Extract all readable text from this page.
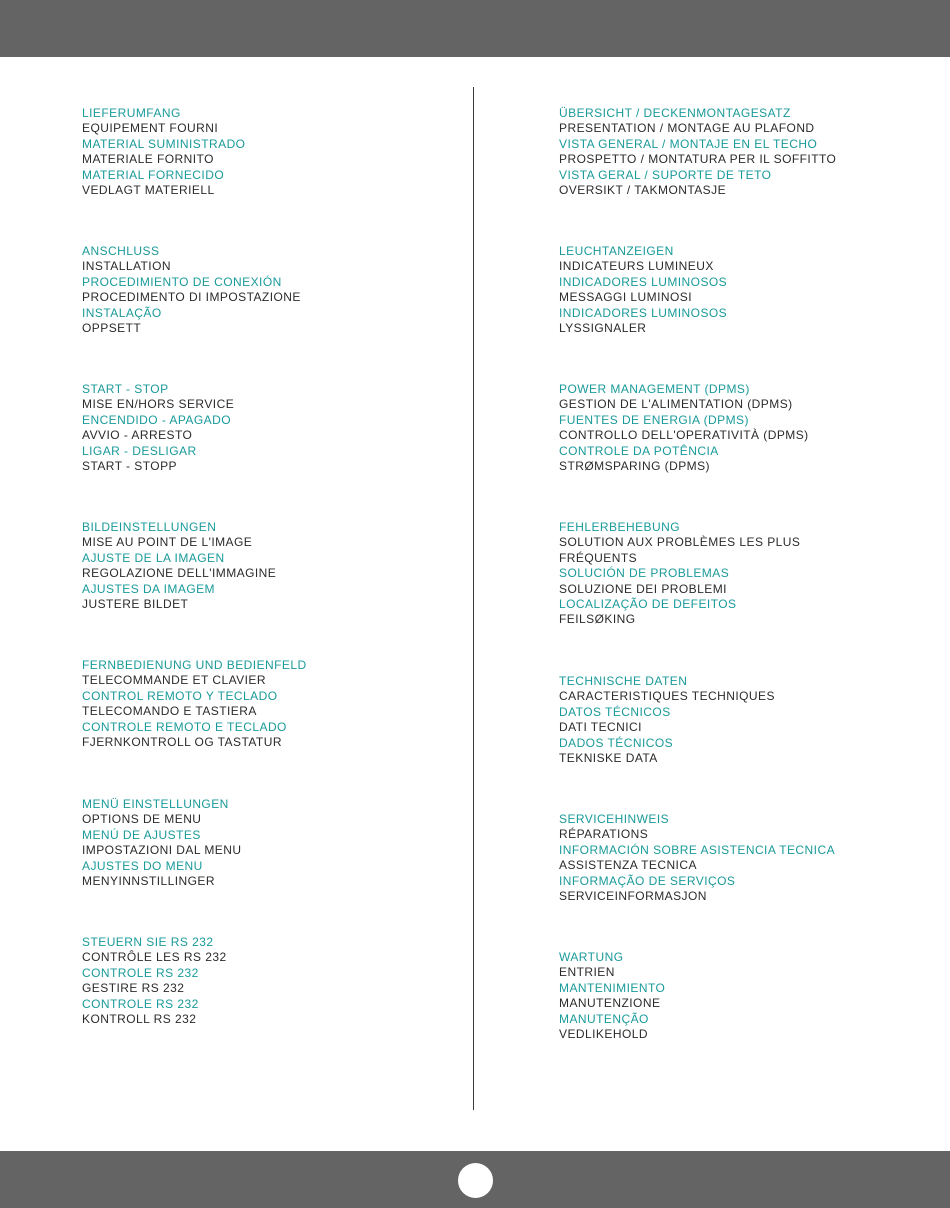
LIEFERUMFANG
EQUIPEMENT FOURNI
MATERIAL SUMINISTRADO
MATERIALE FORNITO
MATERIAL FORNECIDO
VEDLAGT MATERIELL
ANSCHLUSS
INSTALLATION
PROCEDIMIENTO DE CONEXIÓN
PROCEDIMENTO DI IMPOSTAZIONE
INSTALAÇÃO
OPPSETT
START - STOP
MISE EN/HORS SERVICE
ENCENDIDO - APAGADO
AVVIO - ARRESTO
LIGAR - DESLIGAR
START - STOPP
BILDEINSTELLUNGEN
MISE AU POINT DE L'IMAGE
AJUSTE DE LA IMAGEN
REGOLAZIONE DELL'IMMAGINE
AJUSTES DA IMAGEM
JUSTERE BILDET
FERNBEDIENUNG UND BEDIENFELD
TELECOMMANDE ET CLAVIER
CONTROL REMOTO Y TECLADO
TELECOMANDO E TASTIERA
CONTROLE REMOTO E TECLADO
FJERNKONTROLL OG TASTATUR
MENÜ EINSTELLUNGEN
OPTIONS DE MENU
MENÚ DE AJUSTES
IMPOSTAZIONI DAL MENU
AJUSTES DO MENU
MENYINNSTILLINGER
STEUERN SIE RS 232
CONTRÔLE LES RS 232
CONTROLE RS 232
GESTIRE RS 232
CONTROLE RS 232
KONTROLL RS 232
ÜBERSICHT / DECKENMONTAGESATZ
PRESENTATION / MONTAGE AU PLAFOND
VISTA GENERAL / MONTAJE EN EL TECHO
PROSPETTO / MONTATURA PER IL SOFFITTO
VISTA GERAL / SUPORTE DE TETO
OVERSIKT / TAKMONTASJE
LEUCHTANZEIGEN
INDICATEURS LUMINEUX
INDICADORES LUMINOSOS
MESSAGGI LUMINOSI
INDICADORES LUMINOSOS
LYSSIGNALER
POWER MANAGEMENT (DPMS)
GESTION DE L'ALIMENTATION (DPMS)
FUENTES DE ENERGIA (DPMS)
CONTROLLO DELL'OPERATIVITÀ (DPMS)
CONTROLE DA POTÊNCIA
STRØMSPARING (DPMS)
FEHLERBEHEBUNG
SOLUTION AUX PROBLÈMES LES PLUS
FRÉQUENTS
SOLUCIÓN DE PROBLEMAS
SOLUZIONE DEI PROBLEMI
LOCALIZAÇÃO DE DEFEITOS
FEILSØKING
TECHNISCHE DATEN
CARACTERISTIQUES TECHNIQUES
DATOS TÉCNICOS
DATI TECNICI
DADOS TÉCNICOS
TEKNISKE DATA
SERVICEHINWEIS
RÉPARATIONS
INFORMACIÓN SOBRE ASISTENCIA TECNICA
ASSISTENZA TECNICA
INFORMAÇÃO DE SERVIÇOS
SERVICEINFORMASJON
WARTUNG
ENTRIEN
MANTENIMIENTO
MANUTENZIONE
MANUTENÇÃO
VEDLIKEHOLD
